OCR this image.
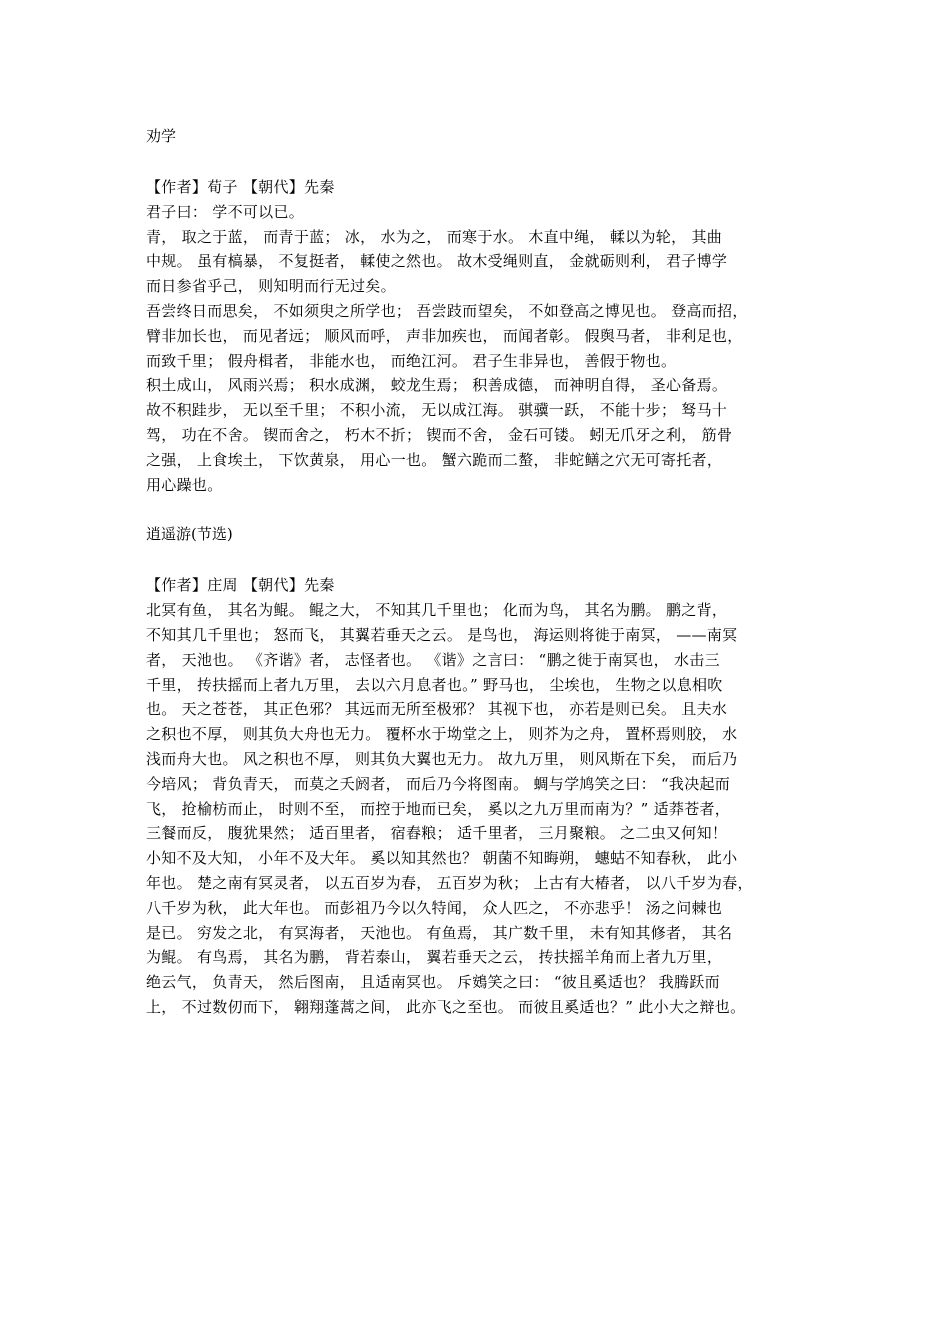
劝学

【作者】荀子 【朝代】先秦

君子曰： 学不可以已。

青， 取之于蓝， 而青于蓝； 冰， 水为之， 而寒于水。 木直中绳， 輮以为轮， 其曲

中规。 虽有槁暴， 不复挺者， 輮使之然也。 故木受绳则直， 金就砺则利， 君子博学

而日参省乎己， 则知明而行无过矣。

吾尝终日而思矣， 不如须臾之所学也； 吾尝跂而望矣， 不如登高之博见也。 登高而招，

臂非加长也， 而见者远； 顺风而呼， 声非加疾也， 而闻者彰。 假舆马者， 非利足也，

而致千里； 假舟楫者， 非能水也， 而绝江河。 君子生非异也， 善假于物也。

积土成山， 风雨兴焉； 积水成渊， 蛟龙生焉； 积善成德， 而神明自得， 圣心备焉。

故不积跬步， 无以至千里； 不积小流， 无以成江海。 骐骥一跃， 不能十步； 驽马十

驾， 功在不舍。 锲而舍之， 朽木不折； 锲而不舍， 金石可镂。 蚓无爪牙之利， 筋骨

之强， 上食埃土， 下饮黄泉， 用心一也。 蟹六跪而二螯， 非蛇鳝之穴无可寄托者，

用心躁也。

逍遥游(节选)

【作者】庄周 【朝代】先秦

北冥有鱼， 其名为鲲。 鲲之大， 不知其几千里也； 化而为鸟， 其名为鹏。 鹏之背，

不知其几千里也； 怒而飞， 其翼若垂天之云。 是鸟也， 海运则将徙于南冥， ——南冥

者， 天池也。 《齐谐》者， 志怪者也。 《谐》之言曰： “鹏之徙于南冥也， 水击三

千里， 抟扶摇而上者九万里， 去以六月息者也。” 野马也， 尘埃也， 生物之以息相吹

也。 天之苍苍， 其正色邪？ 其远而无所至极邪？ 其视下也， 亦若是则已矣。 且夫水

之积也不厚， 则其负大舟也无力。 覆杯水于坳堂之上， 则芥为之舟， 置杯焉则胶， 水

浅而舟大也。 风之积也不厚， 则其负大翼也无力。 故九万里， 则风斯在下矣， 而后乃

今培风； 背负青天， 而莫之夭阏者， 而后乃今将图南。 蜩与学鸠笑之曰： “我决起而

飞， 抢榆枋而止， 时则不至， 而控于地而已矣， 奚以之九万里而南为？” 适莽苍者，

三餐而反， 腹犹果然； 适百里者， 宿舂粮； 适千里者， 三月聚粮。 之二虫又何知！

小知不及大知， 小年不及大年。 奚以知其然也？ 朝菌不知晦朔， 蟪蛄不知春秋， 此小

年也。 楚之南有冥灵者， 以五百岁为春， 五百岁为秋； 上古有大椿者， 以八千岁为春，

八千岁为秋， 此大年也。 而彭祖乃今以久特闻， 众人匹之， 不亦悲乎！ 汤之问棘也

是已。 穷发之北， 有冥海者， 天池也。 有鱼焉， 其广数千里， 未有知其修者， 其名

为鲲。 有鸟焉， 其名为鹏， 背若泰山， 翼若垂天之云， 抟扶摇羊角而上者九万里，

绝云气， 负青天， 然后图南， 且适南冥也。 斥鴳笑之曰： “彼且奚适也？ 我腾跃而

上， 不过数仞而下， 翱翔蓬蒿之间， 此亦飞之至也。 而彼且奚适也？” 此小大之辩也。
